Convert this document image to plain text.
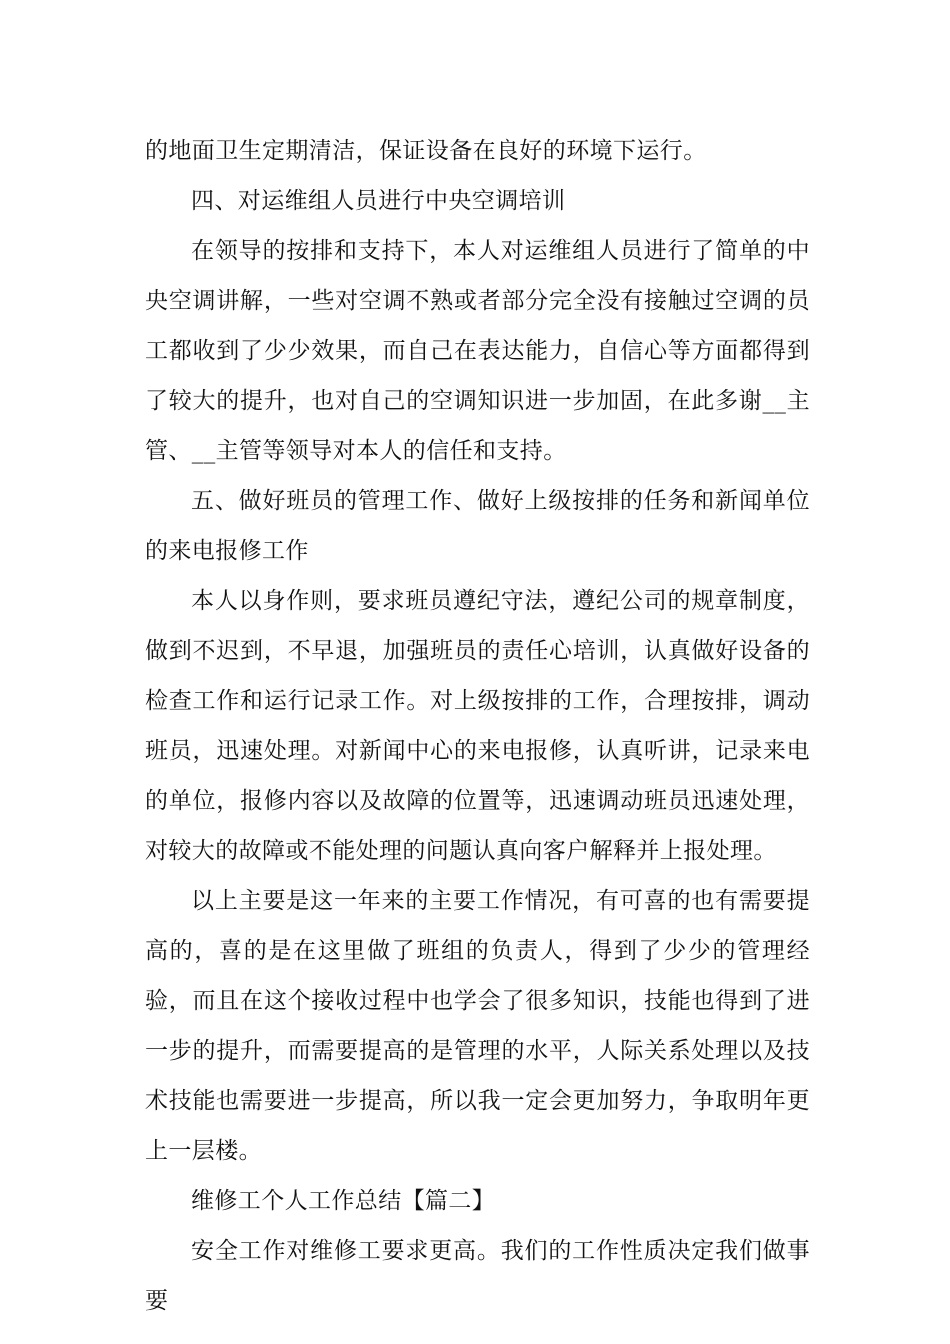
的地面卫生定期清洁，保证设备在良好的环境下运行。

四、对运维组人员进行中央空调培训

在领导的按排和支持下，本人对运维组人员进行了简单的中央空调讲解，一些对空调不熟或者部分完全没有接触过空调的员工都收到了少少效果，而自己在表达能力，自信心等方面都得到了较大的提升，也对自己的空调知识进一步加固，在此多谢__主管、__主管等领导对本人的信任和支持。

五、做好班员的管理工作、做好上级按排的任务和新闻单位的来电报修工作

本人以身作则，要求班员遵纪守法，遵纪公司的规章制度，做到不迟到，不早退，加强班员的责任心培训，认真做好设备的检查工作和运行记录工作。对上级按排的工作，合理按排，调动班员，迅速处理。对新闻中心的来电报修，认真听讲，记录来电的单位，报修内容以及故障的位置等，迅速调动班员迅速处理，对较大的故障或不能处理的问题认真向客户解释并上报处理。

以上主要是这一年来的主要工作情况，有可喜的也有需要提高的，喜的是在这里做了班组的负责人，得到了少少的管理经验，而且在这个接收过程中也学会了很多知识，技能也得到了进一步的提升，而需要提高的是管理的水平，人际关系处理以及技术技能也需要进一步提高，所以我一定会更加努力，争取明年更上一层楼。

维修工个人工作总结【篇二】

安全工作对维修工要求更高。我们的工作性质决定我们做事要
